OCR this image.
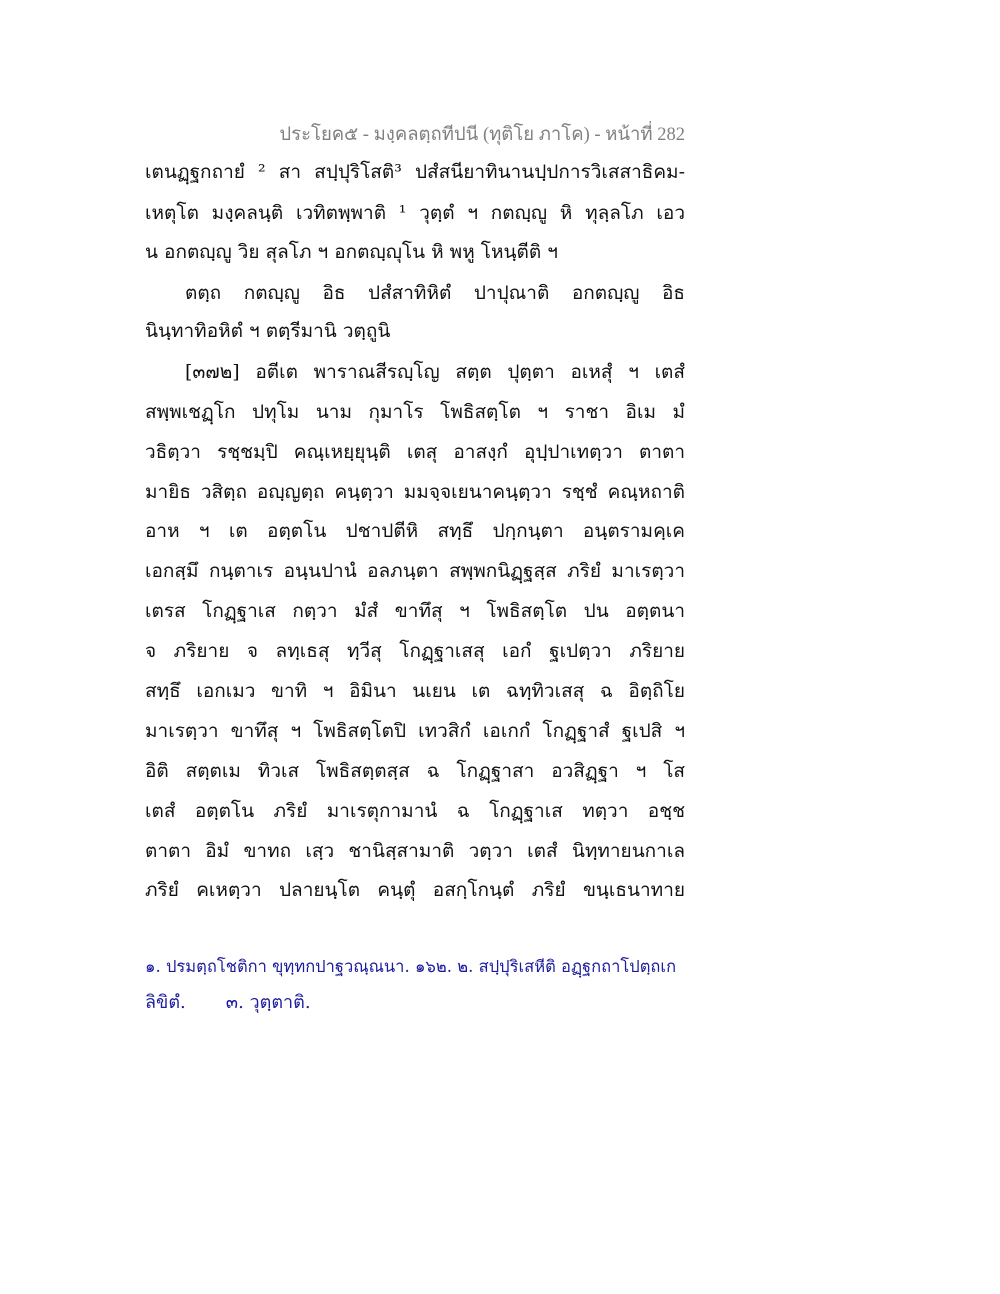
ประโยค๕ - มงฺคลตฺถทีปนี (ทุติโย ภาโค) - หน้าที่ 282
เตนฏฺฐกถายํ ² สา สปฺปุริโสติ³ ปสํสนียาทินานปฺปการวิเสสาธิคม-
เหตุโต มงฺคลนฺติ เวทิตพฺพาติ ¹ วุตฺตํ ฯ กตญฺญู หิ ทุลฺลโภ เอว
น อกตญฺญู วิย สุลโภ ฯ อกตญฺญุโน หิ พหู โหนฺตีติ ฯ
ตตฺถ กตญฺญู อิธ ปสํสาทิหิตํ ปาปุณาติ อกตญฺญู อิธ
นินฺทาทิอหิตํ ฯ ตตฺรีมานิ วตฺถูนิ
[๓๗๒] อตีเต พาราณสีรญฺโญ สตฺต ปุตฺตา อเหสุํ ฯ เตสํ
สพฺพเชฏฺโก ปทุโม นาม กุมาโร โพธิสตฺโต ฯ ราชา อิเม มํ
วธิตฺวา รชฺชมฺปิ คณฺเหยฺยุนฺติ เตสุ อาสงฺกํ อุปฺปาเทตฺวา ตาตา
มายิธ วสิตฺถ อญฺญตฺถ คนฺตฺวา มมจฺจเยนาคนฺตฺวา รชฺชํ คณฺหถาติ
อาห ฯ เต อตฺตโน ปชาปตีหิ สทฺธึ ปกฺกนฺตา อนฺตรามคฺเค
เอกสฺมึ กนฺตาเร อนฺนปานํ อลภนฺตา สพฺพกนิฏฺฐสฺส ภริยํ มาเรตฺวา
เตรส โกฏฺฐาเส กตฺวา มํสํ ขาทึสุ ฯ โพธิสตฺโต ปน อตฺตนา
จ ภริยาย จ ลทฺเธสุ ทฺวีสุ โกฏฺฐาเสสุ เอกํ ฐเปตฺวา ภริยาย
สทฺธึ เอกเมว ขาทิ ฯ อิมินา นเยน เต ฉทฺทิวเสสุ ฉ อิตฺถิโย
มาเรตฺวา ขาทึสุ ฯ โพธิสตฺโตปิ เทวสิกํ เอเกกํ โกฏฺฐาสํ ฐเปสิ ฯ
อิติ สตฺตเม ทิวเส โพธิสตฺตสฺส ฉ โกฏฺฐาสา อวสิฏฺฐา ฯ โส
เตสํ อตฺตโน ภริยํ มาเรตุกามานํ ฉ โกฏฺฐาเส ทตฺวา อชฺช
ตาตา อิมํ ขาทถ เสฺว ชานิสฺสามาติ วตฺวา เตสํ นิทฺทายนกาเล
ภริยํ คเหตฺวา ปลายนฺโต คนฺตุํ อสกฺโกนฺตํ ภริยํ ขนฺเธนาทาย
๑. ปรมตฺถโชติกา ขุทฺทกปาฐวณฺณนา. ๑๖๒. ๒. สปฺปุริเสหีติ อฏฺฐกถาโปตฺถเก
ลิขิตํ.       ๓. วุตฺตาติ.
